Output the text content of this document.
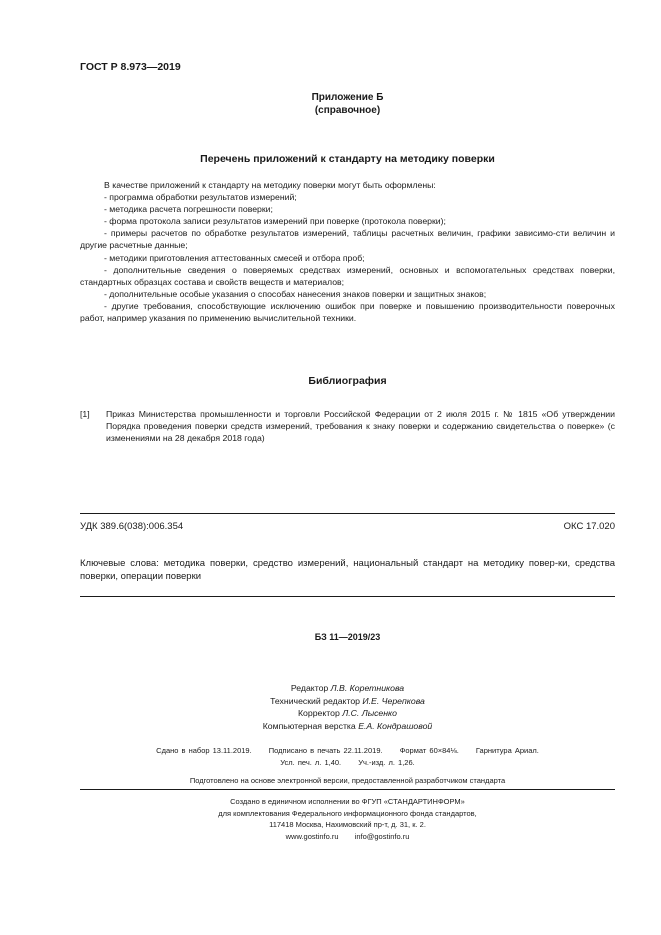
ГОСТ Р 8.973—2019
Приложение Б
(справочное)
Перечень приложений к стандарту на методику поверки

В качестве приложений к стандарту на методику поверки могут быть оформлены:

- программа обработки результатов измерений;

- методика расчета погрешности поверки;

- форма протокола записи результатов измерений при поверке (протокола поверки);

- примеры расчетов по обработке результатов измерений, таблицы расчетных величин, графики зависимо-сти величин и другие расчетные данные;

- методики приготовления аттестованных смесей и отбора проб;

- дополнительные сведения о поверяемых средствах измерений, основных и вспомогательных средствах поверки, стандартных образцах состава и свойств веществ и материалов;

- дополнительные особые указания о способах нанесения знаков поверки и защитных знаков;

- другие требования, способствующие исключению ошибок при поверке и повышению производительности поверочных работ, например указания по применению вычислительной техники.

Библиография
[1] Приказ Министерства промышленности и торговли Российской Федерации от 2 июля 2015 г. № 1815 «Об утверждении Порядка проведения поверки средств измерений, требования к знаку поверки и содержанию свидетельства о поверке» (с изменениями на 28 декабря 2018 года)
УДК 389.6(038):006.354	ОКС 17.020
Ключевые слова: методика поверки, средство измерений, национальный стандарт на методику повер-ки, средства поверки, операции поверки
БЗ 11—2019/23
Редактор Л.В. Коретникова
Технический редактор И.Е. Черепкова
Корректор Л.С. Лысенко
Компьютерная верстка Е.А. Кондрашовой
Сдано в набор 13.11.2019. Подписано в печать 22.11.2019. Формат 60×84⅛. Гарнитура Ариал.
Усл. печ. л. 1,40. Уч.-изд. л. 1,26.
Подготовлено на основе электронной версии, предоставленной разработчиком стандарта
Создано в единичном исполнении во ФГУП «СТАНДАРТИНФОРМ»
для комплектования Федерального информационного фонда стандартов,
117418 Москва, Нахимовский пр-т, д. 31, к. 2.
www.gostinfo.ru info@gostinfo.ru
